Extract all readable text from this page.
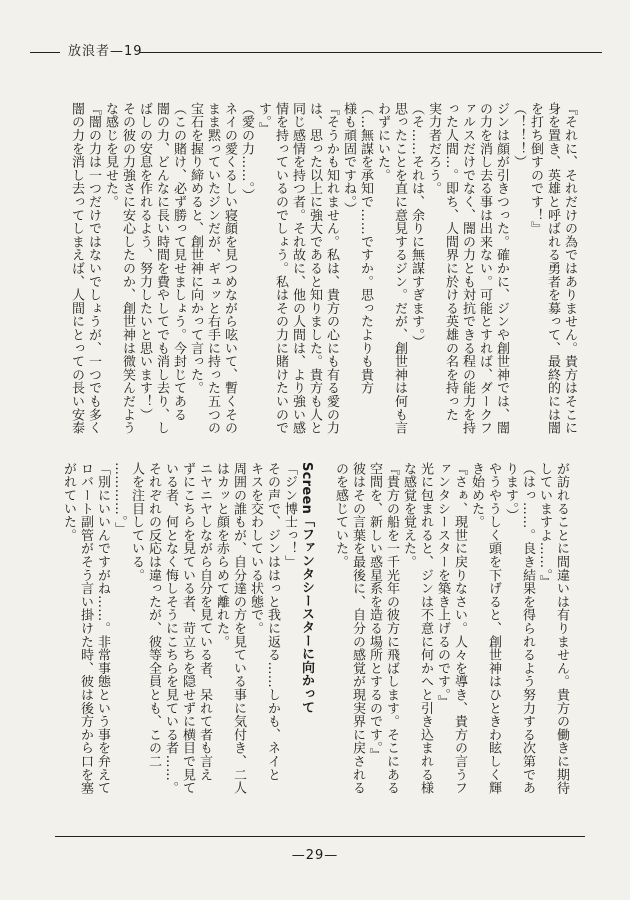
放浪者—19

『それに、それだけの為ではありません。貴方はそこに

身を置き、英雄と呼ばれる勇者を募って、最終的には闇

を打ち倒すのです！』

（！！！）

ジンは顔が引きつった。確かに、ジンや創世神では、闇

の力を消し去る事は出来ない。可能とすれば、ダークフ

ァルスだけでなく、闇の力とも対抗できる程の能力を持

った人間…。即ち、人間界に於ける英雄の名を持った

実力者だろう。

（そ……それは、余りに無謀すぎます。）

思ったことを直に意見するジン。だが、創世神は何も言

わずにいた。

（…無謀を承知で……ですか。思ったよりも貴方

様も頑固ですね。）

『そうかも知れません。私は、貴方の心にも有る愛の力

は、思った以上に強大であると知りました。貴方も人と

同じ感情を持つ者。それ故に、他の人間は、より強い感

情を持っているのでしょう。私はその力に賭けたいので

す。』

（愛の力……。）

ネイの愛くるしい寝顔を見つめながら呟いて、暫くその

まま黙っていたジンだが、ギュッと右手に持った五つの

宝石を握り締めると、創世神に向かって言った。

（この賭け、必ず勝って見せましょう。今封じてある

闇の力、どんなに長い時間を費やしてでも消し去り、し

ばしの安息を作れるよう、努力したいと思います！）

その彼の力強さに安心したのか、創世神は微笑んだよう

な感じを見せた。

『闇の力は一つだけではないでしょうが、一つでも多く

闇の力を消し去ってしまえば、人間にとっての長い安泰

が訪れることに間違いは有りません。貴方の働きに期待

していますよ……。』

（はっ……。良き結果を得られるよう努力する次第であ

ります。）

やうやうしく頭を下げると、創世神はひときわ眩しく輝

き始めた。

『さぁ、現世に戻りなさい。人々を導き、貴方の言うフ

ァンタシースターを築き上げるのです。』

光に包まれると、ジンは不意に何かへと引き込まれる様

な感覚を覚えた。

『貴方の船を一千光年の彼方に飛ばします。そこにある

空間を、新しい惑星系を造る場所とするのです。』

彼はその言葉を最後に、自分の感覚が現実界に戻される

のを感じていた。

Screen「ファンタシースターに向かって

「ジン博士っ！」

その声で、ジンははっと我に返る……しかも、ネイと

キスを交わしている状態で。

周囲の誰もが、自分達の方を見ている事に気付き、二人

はカッと顔を赤らめて離れた。

ニヤニヤしながら自分を見ている者、呆れて者も言え

ずにこちらを見ている者、苛立ちを隠せずに横目で見て

いる者、何となく悔しそうにこちらを見ている者……。

それぞれの反応は違ったが、彼等全員とも、この二

人を注目している。

…………。」

「別にいいんですがね……。非常事態という事を弁えて

ロバート副管がそう言い掛けた時、彼は後方から口を塞

がれていた。

—29—
